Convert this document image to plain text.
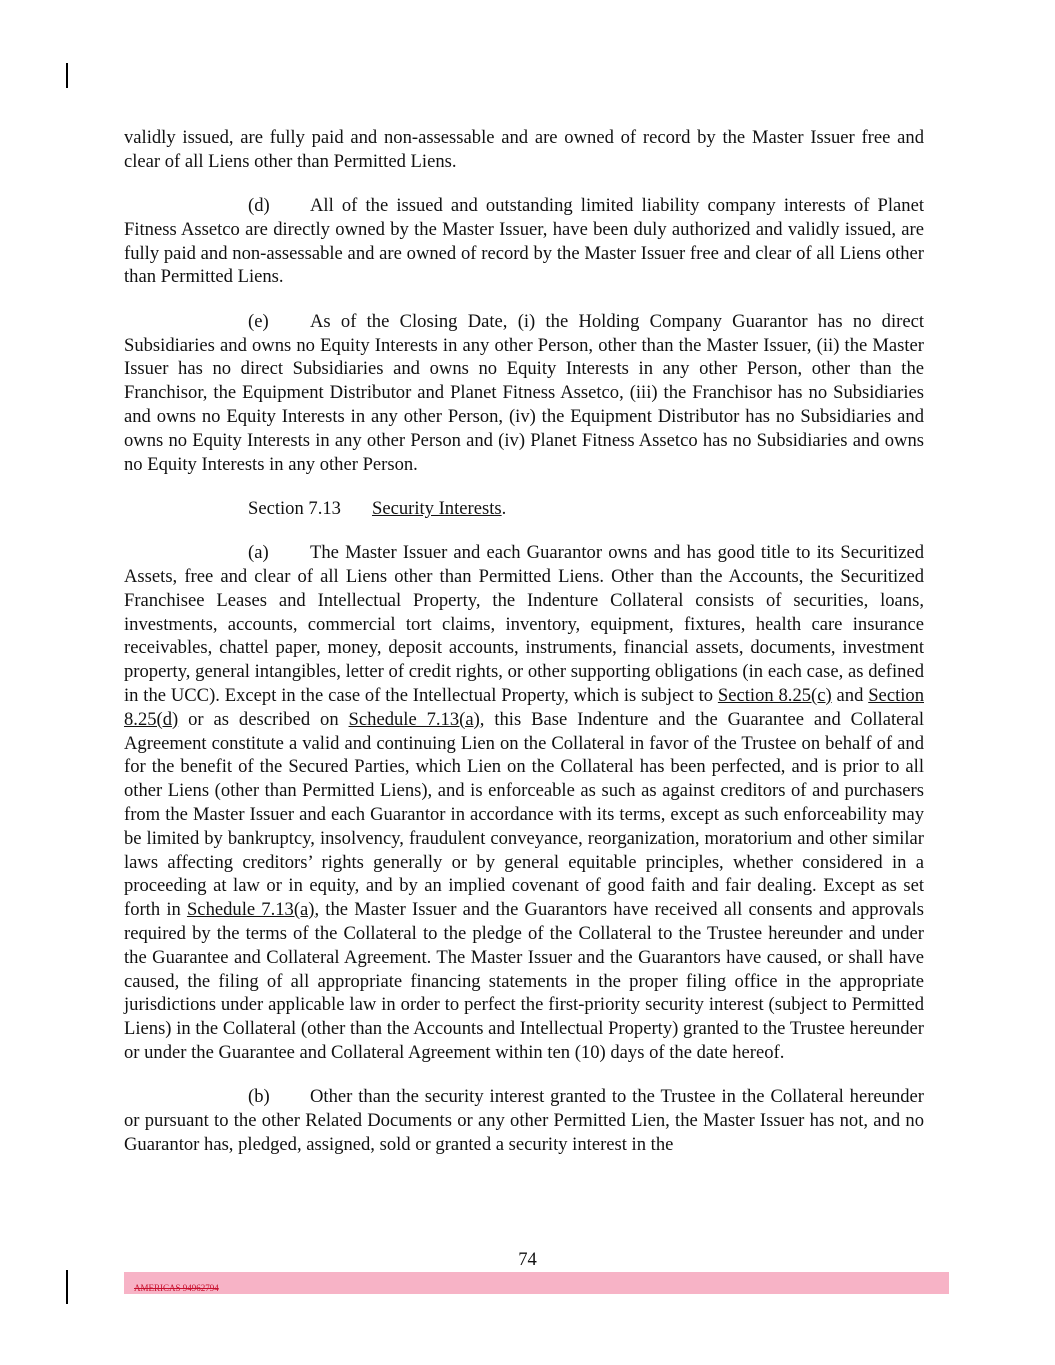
validly issued, are fully paid and non-assessable and are owned of record by the Master Issuer free and clear of all Liens other than Permitted Liens.

(d) All of the issued and outstanding limited liability company interests of Planet Fitness Assetco are directly owned by the Master Issuer, have been duly authorized and validly issued, are fully paid and non-assessable and are owned of record by the Master Issuer free and clear of all Liens other than Permitted Liens.

(e) As of the Closing Date, (i) the Holding Company Guarantor has no direct Subsidiaries and owns no Equity Interests in any other Person, other than the Master Issuer, (ii) the Master Issuer has no direct Subsidiaries and owns no Equity Interests in any other Person, other than the Franchisor, the Equipment Distributor and Planet Fitness Assetco, (iii) the Franchisor has no Subsidiaries and owns no Equity Interests in any other Person, (iv) the Equipment Distributor has no Subsidiaries and owns no Equity Interests in any other Person and (iv) Planet Fitness Assetco has no Subsidiaries and owns no Equity Interests in any other Person.

Section 7.13 Security Interests.

(a) The Master Issuer and each Guarantor owns and has good title to its Securitized Assets, free and clear of all Liens other than Permitted Liens. Other than the Accounts, the Securitized Franchisee Leases and Intellectual Property, the Indenture Collateral consists of securities, loans, investments, accounts, commercial tort claims, inventory, equipment, fixtures, health care insurance receivables, chattel paper, money, deposit accounts, instruments, financial assets, documents, investment property, general intangibles, letter of credit rights, or other supporting obligations (in each case, as defined in the UCC). Except in the case of the Intellectual Property, which is subject to Section 8.25(c) and Section 8.25(d) or as described on Schedule 7.13(a), this Base Indenture and the Guarantee and Collateral Agreement constitute a valid and continuing Lien on the Collateral in favor of the Trustee on behalf of and for the benefit of the Secured Parties, which Lien on the Collateral has been perfected, and is prior to all other Liens (other than Permitted Liens), and is enforceable as such as against creditors of and purchasers from the Master Issuer and each Guarantor in accordance with its terms, except as such enforceability may be limited by bankruptcy, insolvency, fraudulent conveyance, reorganization, moratorium and other similar laws affecting creditors’ rights generally or by general equitable principles, whether considered in a proceeding at law or in equity, and by an implied covenant of good faith and fair dealing. Except as set forth in Schedule 7.13(a), the Master Issuer and the Guarantors have received all consents and approvals required by the terms of the Collateral to the pledge of the Collateral to the Trustee hereunder and under the Guarantee and Collateral Agreement. The Master Issuer and the Guarantors have caused, or shall have caused, the filing of all appropriate financing statements in the proper filing office in the appropriate jurisdictions under applicable law in order to perfect the first-priority security interest (subject to Permitted Liens) in the Collateral (other than the Accounts and Intellectual Property) granted to the Trustee hereunder or under the Guarantee and Collateral Agreement within ten (10) days of the date hereof.

(b) Other than the security interest granted to the Trustee in the Collateral hereunder or pursuant to the other Related Documents or any other Permitted Lien, the Master Issuer has not, and no Guarantor has, pledged, assigned, sold or granted a security interest in the

74
AMERICAS 94962794
